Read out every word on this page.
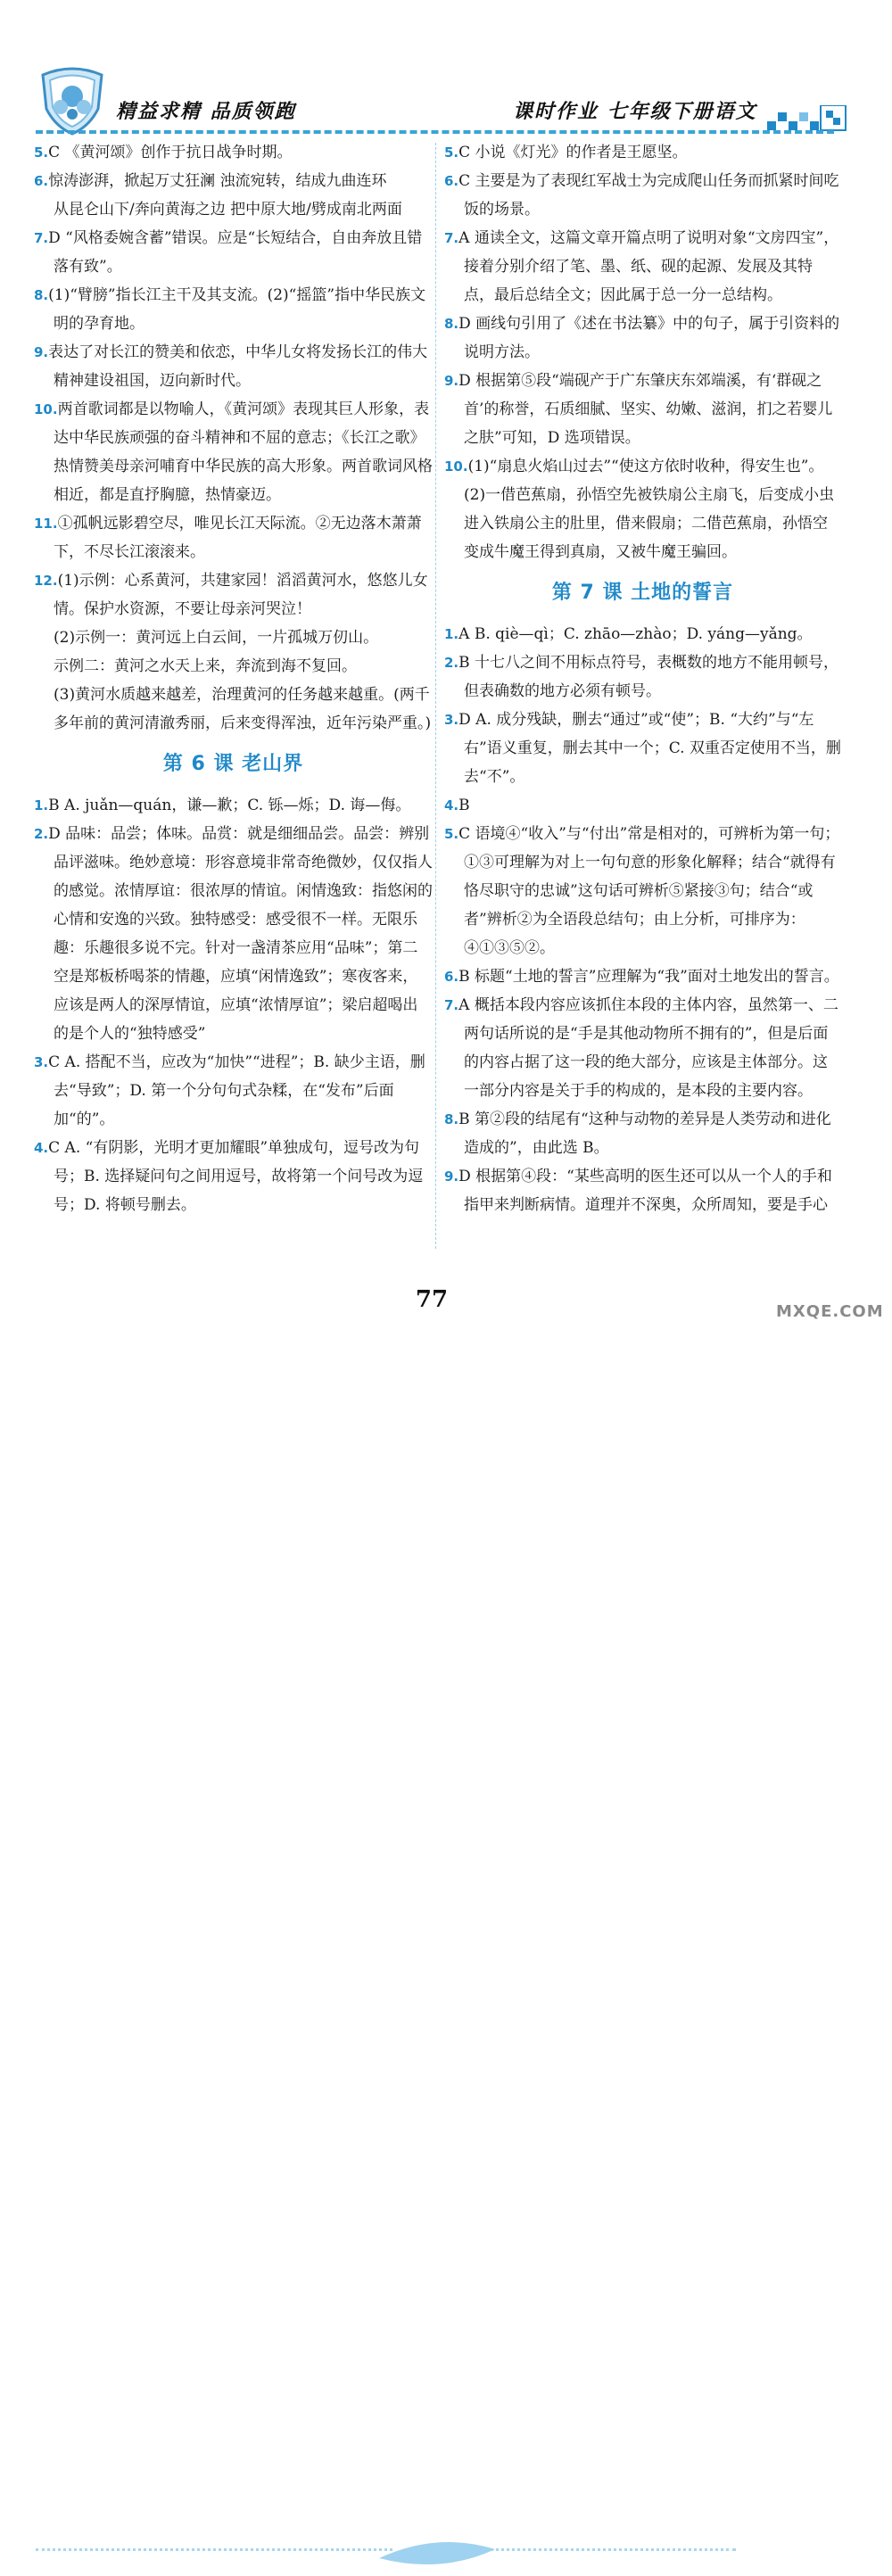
精益求精 品质领跑	课时作业 七年级下册语文
5.C 《黄河颂》创作于抗日战争时期。
6.惊涛澎湃，掀起万丈狂澜 浊流宛转，结成九曲连环
从昆仑山下/奔向黄海之边 把中原大地/劈成南北两面
7.D “风格委婉含蓄”错误。应是“长短结合，自由奔放且错落有致”。
8.(1)“臂膀”指长江主干及其支流。(2)“摇篮”指中华民族文明的孕育地。
9.表达了对长江的赞美和依恋，中华儿女将发扬长江的伟大精神建设祖国，迈向新时代。
10.两首歌词都是以物喻人，《黄河颂》表现其巨人形象，表达中华民族顽强的奋斗精神和不屈的意志；《长江之歌》热情赞美母亲河哺育中华民族的高大形象。两首歌词风格相近，都是直抒胸臆，热情豪迈。
11.①孤帆远影碧空尽，唯见长江天际流。②无边落木萧萧下，不尽长江滚滚来。
12.(1)示例：心系黄河，共建家园！滔滔黄河水，悠悠儿女情。保护水资源，不要让母亲河哭泣！
(2)示例一：黄河远上白云间，一片孤城万仞山。
示例二：黄河之水天上来，奔流到海不复回。
(3)黄河水质越来越差，治理黄河的任务越来越重。(两千多年前的黄河清澈秀丽，后来变得浑浊，近年污染严重。)
第 6 课 老山界
1.B A. juǎn—quán，谦—歉；C. 铄—烁；D. 诲—侮。
2.D 品味：品尝；体味。品赏：就是细细品尝。品尝：辨别品评滋味。绝妙意境：形容意境非常奇绝微妙，仅仅指人的感觉。浓情厚谊：很浓厚的情谊。闲情逸致：指悠闲的心情和安逸的兴致。独特感受：感受很不一样。无限乐趣：乐趣很多说不完。针对一盏清茶应用“品味”；第二空是郑板桥喝茶的情趣，应填“闲情逸致”；寒夜客来，应该是两人的深厚情谊，应填“浓情厚谊”；梁启超喝出的是个人的“独特感受”
3.C A. 搭配不当，应改为“加快”“进程”；B. 缺少主语，删去“导致”；D. 第一个分句句式杂糅，在“发布”后面加“的”。
4.C A. “有阴影，光明才更加耀眼”单独成句，逗号改为句号；B. 选择疑问句之间用逗号，故将第一个问号改为逗号；D. 将顿号删去。
5.C 小说《灯光》的作者是王愿坚。
6.C 主要是为了表现红军战士为完成爬山任务而抓紧时间吃饭的场景。
7.A 通读全文，这篇文章开篇点明了说明对象“文房四宝”，接着分别介绍了笔、墨、纸、砚的起源、发展及其特点，最后总结全文；因此属于总一分一总结构。
8.D 画线句引用了《述在书法纂》中的句子，属于引资料的说明方法。
9.D 根据第⑤段“端砚产于广东肇庆东郊端溪，有‘群砚之首’的称誉，石质细腻、坚实、幼嫩、滋润，扪之若婴儿之肤”可知，D 选项错误。
10.(1)“扇息火焰山过去”“使这方依时收种，得安生也”。
(2)一借芭蕉扇，孙悟空先被铁扇公主扇飞，后变成小虫进入铁扇公主的肚里，借来假扇；二借芭蕉扇，孙悟空变成牛魔王得到真扇，又被牛魔王骗回。
第 7 课 土地的誓言
1.A B. qiè—qì；C. zhāo—zhào；D. yáng—yǎng。
2.B 十七八之间不用标点符号，表概数的地方不能用顿号，但表确数的地方必须有顿号。
3.D A. 成分残缺，删去“通过”或“使”；B. “大约”与“左右”语义重复，删去其中一个；C. 双重否定使用不当，删去“不”。
4.B
5.C 语境④“收入”与“付出”常是相对的，可辨析为第一句；①③可理解为对上一句句意的形象化解释；结合“就得有恪尽职守的忠诚”这句话可辨析⑤紧接③句；结合“或者”辨析②为全语段总结句；由上分析，可排序为：④①③⑤②。
6.B 标题“土地的誓言”应理解为“我”面对土地发出的誓言。
7.A 概括本段内容应该抓住本段的主体内容，虽然第一、二两句话所说的是“手是其他动物所不拥有的”，但是后面的内容占据了这一段的绝大部分，应该是主体部分。这一部分内容是关于手的构成的，是本段的主要内容。
8.B 第②段的结尾有“这种与动物的差异是人类劳动和进化造成的”，由此选 B。
9.D 根据第④段：“某些高明的医生还可以从一个人的手和指甲来判断病情。道理并不深奥，众所周知，要是手心
77	MXQE.COM
